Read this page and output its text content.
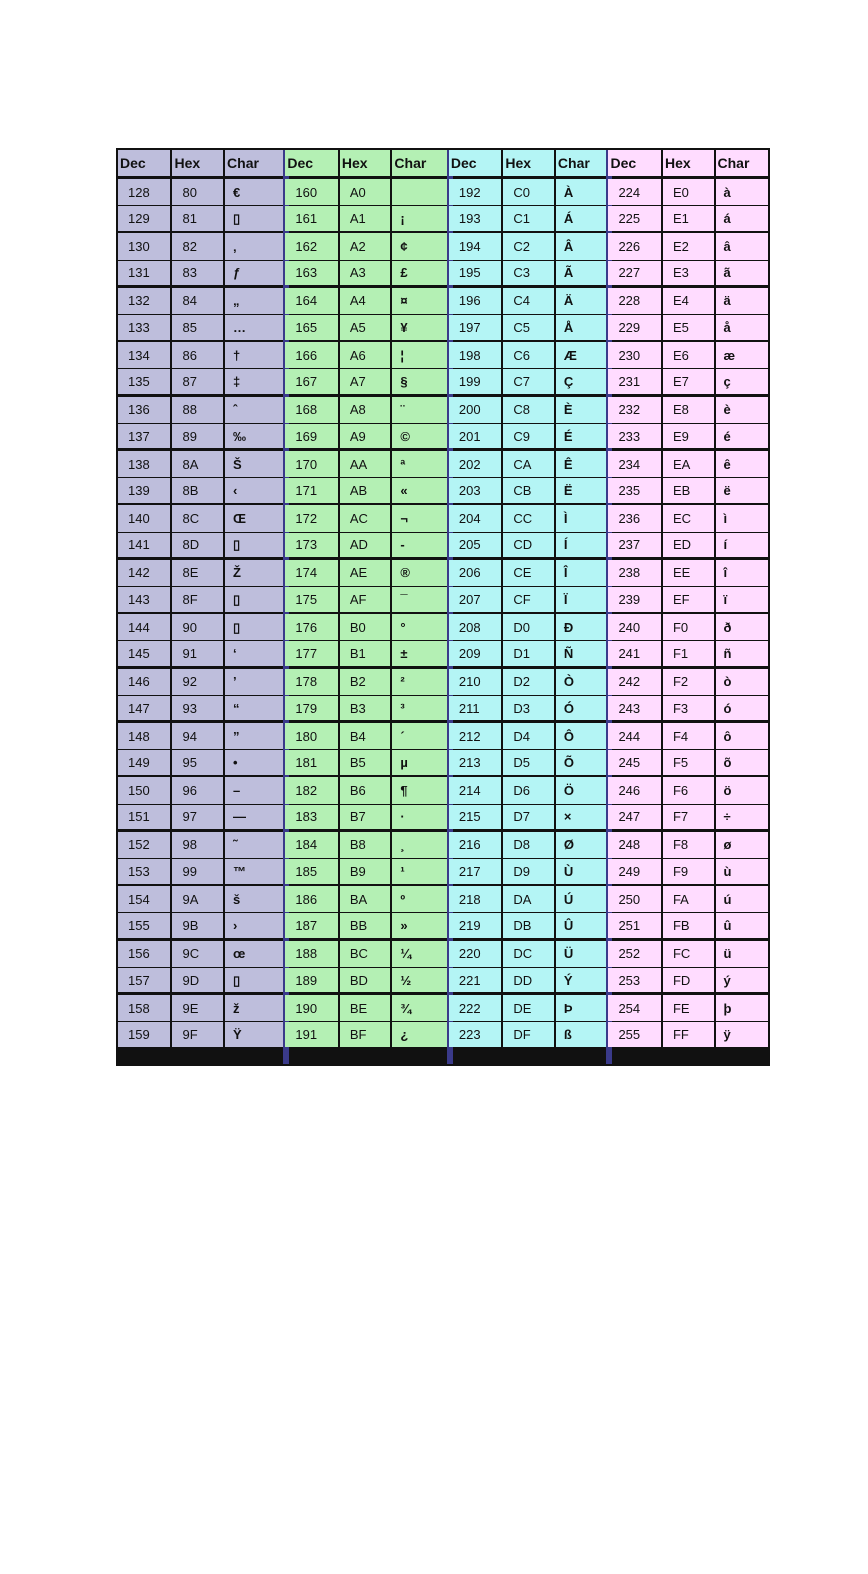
Dec
128
129
130
131
132
133
134
135
136
137
138
139
140
141
142
143
144
145
146
147
148
149
150
151
152
153
154
155
156
157
158
159
Hex
80
81
82
83
84
85
86
87
88
89
8A
8B
8C
8D
8E
8F
90
91
92
93
94
95
96
97
98
99
9A
9B
9C
9D
9E
9F
Char
€
▯
‚
ƒ
„
…
†
‡
ˆ
‰
Š
‹
Œ
▯
Ž
▯
▯
‘
’
“
”
•
–
—
˜
™
š
›
œ
▯
ž
Ÿ
Dec
160
161
162
163
164
165
166
167
168
169
170
171
172
173
174
175
176
177
178
179
180
181
182
183
184
185
186
187
188
189
190
191
Hex
A0
A1
A2
A3
A4
A5
A6
A7
A8
A9
AA
AB
AC
AD
AE
AF
B0
B1
B2
B3
B4
B5
B6
B7
B8
B9
BA
BB
BC
BD
BE
BF
Char
¡
¢
£
¤
¥
¦
§
¨
©
ª
«
¬
-
®
¯
°
±
²
³
´
µ
¶
·
¸
¹
º
»
¼
½
¾
¿
Dec
192
193
194
195
196
197
198
199
200
201
202
203
204
205
206
207
208
209
210
211
212
213
214
215
216
217
218
219
220
221
222
223
Hex
C0
C1
C2
C3
C4
C5
C6
C7
C8
C9
CA
CB
CC
CD
CE
CF
D0
D1
D2
D3
D4
D5
D6
D7
D8
D9
DA
DB
DC
DD
DE
DF
Char
À
Á
Â
Ã
Ä
Å
Æ
Ç
È
É
Ê
Ë
Ì
Í
Î
Ï
Ð
Ñ
Ò
Ó
Ô
Õ
Ö
×
Ø
Ù
Ú
Û
Ü
Ý
Þ
ß
Dec
224
225
226
227
228
229
230
231
232
233
234
235
236
237
238
239
240
241
242
243
244
245
246
247
248
249
250
251
252
253
254
255
Hex
E0
E1
E2
E3
E4
E5
E6
E7
E8
E9
EA
EB
EC
ED
EE
EF
F0
F1
F2
F3
F4
F5
F6
F7
F8
F9
FA
FB
FC
FD
FE
FF
Char
à
á
â
ã
ä
å
æ
ç
è
é
ê
ë
ì
í
î
ï
ð
ñ
ò
ó
ô
õ
ö
÷
ø
ù
ú
û
ü
ý
þ
ÿ
